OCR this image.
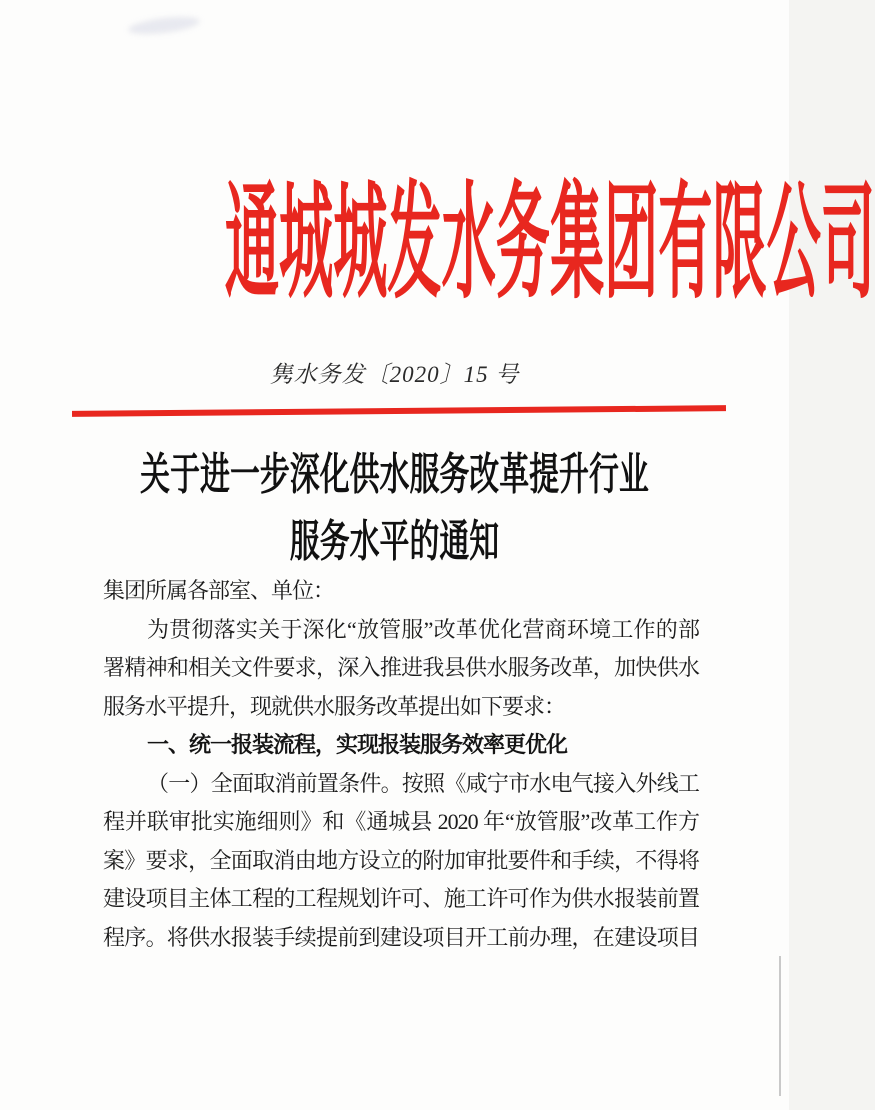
通城城发水务集团有限公司
隽水务发〔2020〕15 号
关于进一步深化供水服务改革提升行业
服务水平的通知
集团所属各部室、单位：
为贯彻落实关于深化“放管服”改革优化营商环境工作的部
署精神和相关文件要求，深入推进我县供水服务改革，加快供水
服务水平提升，现就供水服务改革提出如下要求：
一、统一报装流程，实现报装服务效率更优化
（一）全面取消前置条件。按照《咸宁市水电气接入外线工
程并联审批实施细则》和《通城县 2020 年“放管服”改革工作方
案》要求，全面取消由地方设立的附加审批要件和手续，不得将
建设项目主体工程的工程规划许可、施工许可作为供水报装前置
程序。将供水报装手续提前到建设项目开工前办理，在建设项目
